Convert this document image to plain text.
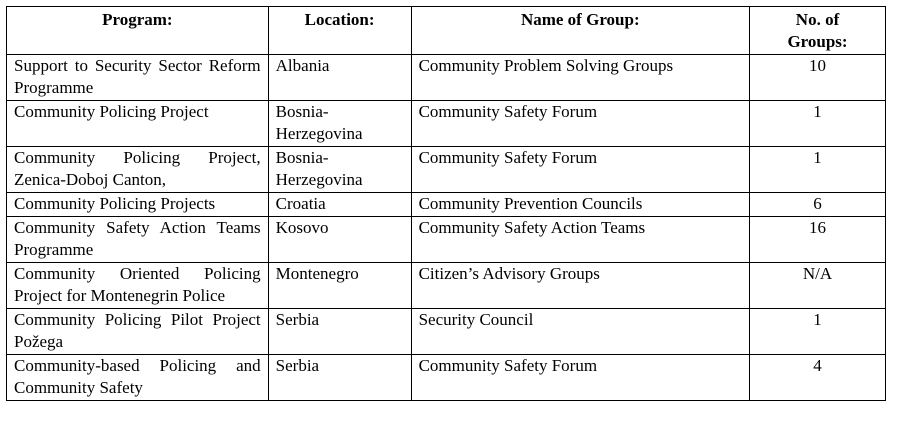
Program:	Location:	Name of Group:	No. of Groups:
Support to Security Sector Reform Programme	Albania	Community Problem Solving Groups	10
Community Policing Project	Bosnia-Herzegovina	Community Safety Forum	1
Community Policing Project, Zenica-Doboj Canton,	Bosnia-Herzegovina	Community Safety Forum	1
Community Policing Projects	Croatia	Community Prevention Councils	6
Community Safety Action Teams Programme	Kosovo	Community Safety Action Teams	16
Community Oriented Policing Project for Montenegrin Police	Montenegro	Citizen’s Advisory Groups	N/A
Community Policing Pilot Project Požega	Serbia	Security Council	1
Community-based Policing and Community Safety	Serbia	Community Safety Forum	4
